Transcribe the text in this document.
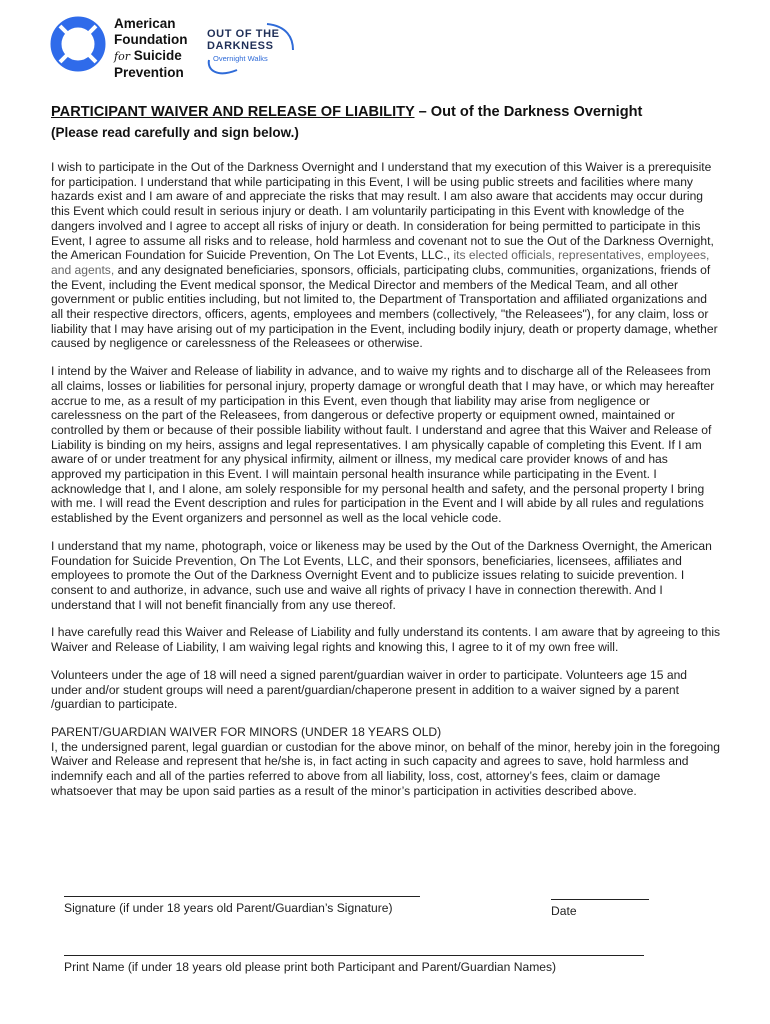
American
Foundation
for Suicide
Prevention
OUT OF THE
DARKNESS
Overnight Walks
PARTICIPANT WAIVER AND RELEASE OF LIABILITY – Out of the Darkness Overnight
(Please read carefully and sign below.)

I wish to participate in the Out of the Darkness Overnight and I understand that my execution of this Waiver is a prerequisite for participation. I understand that while participating in this Event, I will be using public streets and facilities where many hazards exist and I am aware of and appreciate the risks that may result. I am also aware that accidents may occur during this Event which could result in serious injury or death. I am voluntarily participating in this Event with knowledge of the dangers involved and I agree to accept all risks of injury or death. In consideration for being permitted to participate in this Event, I agree to assume all risks and to release, hold harmless and covenant not to sue the Out of the Darkness Overnight, the American Foundation for Suicide Prevention, On The Lot Events, LLC., its elected officials, representatives, employees, and agents, and any designated beneficiaries, sponsors, officials, participating clubs, communities, organizations, friends of the Event, including the Event medical sponsor, the Medical Director and members of the Medical Team, and all other government or public entities including, but not limited to, the Department of Transportation and affiliated organizations and all their respective directors, officers, agents, employees and members (collectively, "the Releasees"), for any claim, loss or liability that I may have arising out of my participation in the Event, including bodily injury, death or property damage, whether caused by negligence or carelessness of the Releasees or otherwise.

I intend by the Waiver and Release of liability in advance, and to waive my rights and to discharge all of the Releasees from all claims, losses or liabilities for personal injury, property damage or wrongful death that I may have, or which may hereafter accrue to me, as a result of my participation in this Event, even though that liability may arise from negligence or carelessness on the part of the Releasees, from dangerous or defective property or equipment owned, maintained or controlled by them or because of their possible liability without fault. I understand and agree that this Waiver and Release of Liability is binding on my heirs, assigns and legal representatives. I am physically capable of completing this Event. If I am aware of or under treatment for any physical infirmity, ailment or illness, my medical care provider knows of and has approved my participation in this Event. I will maintain personal health insurance while participating in the Event. I acknowledge that I, and I alone, am solely responsible for my personal health and safety, and the personal property I bring with me. I will read the Event description and rules for participation in the Event and I will abide by all rules and regulations established by the Event organizers and personnel as well as the local vehicle code.

I understand that my name, photograph, voice or likeness may be used by the Out of the Darkness Overnight, the American Foundation for Suicide Prevention, On The Lot Events, LLC, and their sponsors, beneficiaries, licensees, affiliates and employees to promote the Out of the Darkness Overnight Event and to publicize issues relating to suicide prevention. I consent to and authorize, in advance, such use and waive all rights of privacy I have in connection therewith. And I understand that I will not benefit financially from any use thereof.

I have carefully read this Waiver and Release of Liability and fully understand its contents. I am aware that by agreeing to this Waiver and Release of Liability, I am waiving legal rights and knowing this, I agree to it of my own free will.

Volunteers under the age of 18 will need a signed parent/guardian waiver in order to participate. Volunteers age 15 and under and/or student groups will need a parent/guardian/chaperone present in addition to a waiver signed by a parent /guardian to participate.

PARENT/GUARDIAN WAIVER FOR MINORS (UNDER 18 YEARS OLD)

I, the undersigned parent, legal guardian or custodian for the above minor, on behalf of the minor, hereby join in the foregoing Waiver and Release and represent that he/she is, in fact acting in such capacity and agrees to save, hold harmless and indemnify each and all of the parties referred to above from all liability, loss, cost, attorney’s fees, claim or damage whatsoever that may be upon said parties as a result of the minor’s participation in activities described above.

Signature (if under 18 years old Parent/Guardian’s Signature)	Date
Print Name (if under 18 years old please print both Participant and Parent/Guardian Names)
